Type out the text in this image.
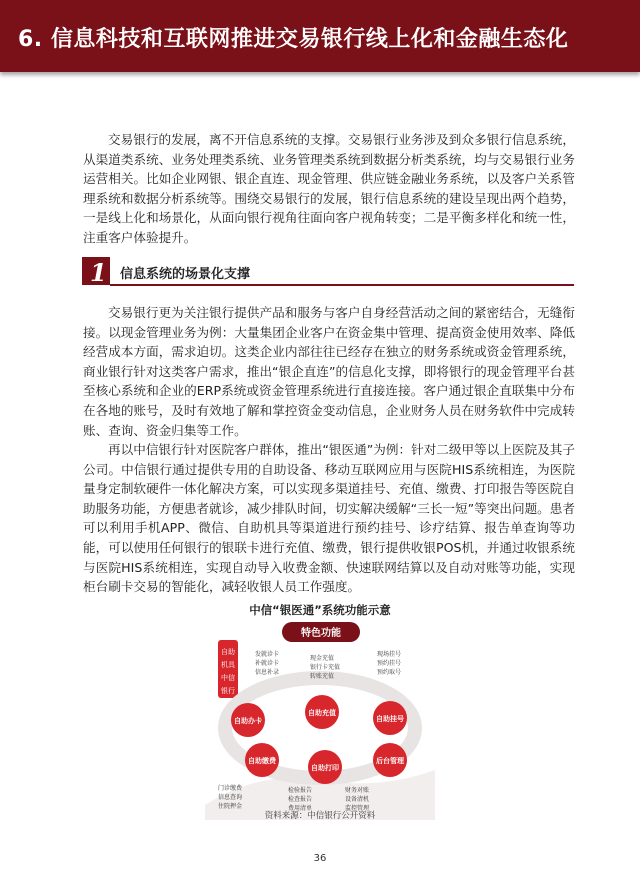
6. 信息科技和互联网推进交易银行线上化和金融生态化

交易银行的发展，离不开信息系统的支撑。交易银行业务涉及到众多银行信息系统，从渠道类系统、业务处理类系统、业务管理类系统到数据分析类系统，均与交易银行业务运营相关。比如企业网银、银企直连、现金管理、供应链金融业务系统，以及客户关系管理系统和数据分析系统等。围绕交易银行的发展，银行信息系统的建设呈现出两个趋势，一是线上化和场景化，从面向银行视角往面向客户视角转变；二是平衡多样化和统一性，注重客户体验提升。

1 信息系统的场景化支撑

交易银行更为关注银行提供产品和服务与客户自身经营活动之间的紧密结合，无缝衔接。以现金管理业务为例：大量集团企业客户在资金集中管理、提高资金使用效率、降低经营成本方面，需求迫切。这类企业内部往往已经存在独立的财务系统或资金管理系统，商业银行针对这类客户需求，推出“银企直连”的信息化支撑，即将银行的现金管理平台甚至核心系统和企业的ERP系统或资金管理系统进行直接连接。客户通过银企直联集中分布在各地的账号，及时有效地了解和掌控资金变动信息，企业财务人员在财务软件中完成转账、查询、资金归集等工作。

再以中信银行针对医院客户群体，推出“银医通”为例：针对二级甲等以上医院及其子公司。中信银行通过提供专用的自助设备、移动互联网应用与医院HIS系统相连，为医院量身定制软硬件一体化解决方案，可以实现多渠道挂号、充值、缴费、打印报告等医院自助服务功能，方便患者就诊，减少排队时间，切实解决缓解“三长一短”等突出问题。患者可以利用手机APP、微信、自助机具等渠道进行预约挂号、诊疗结算、报告单查询等功能，可以使用任何银行的银联卡进行充值、缴费，银行提供收银POS机，并通过收银系统与医院HIS系统相连，实现自动导入收费金额、快速联网结算以及自动对账等功能，实现柜台刷卡交易的智能化，减轻收银人员工作强度。

中信“银医通”系统功能示意
特色功能
自助
机具
中信
银行
发就诊卡
补就诊卡
信息补录
现金充值
银行卡充值
转账充值
现场挂号
预约挂号
预约取号
自助办卡
自助充值
自助挂号
自助缴费
自助打印
后台管理
门诊缴费
信息查询
住院押金
检验报告
检查报告
费用清单
财务对账
设备清机
监控管理
资料来源：中信银行公开资料
36
